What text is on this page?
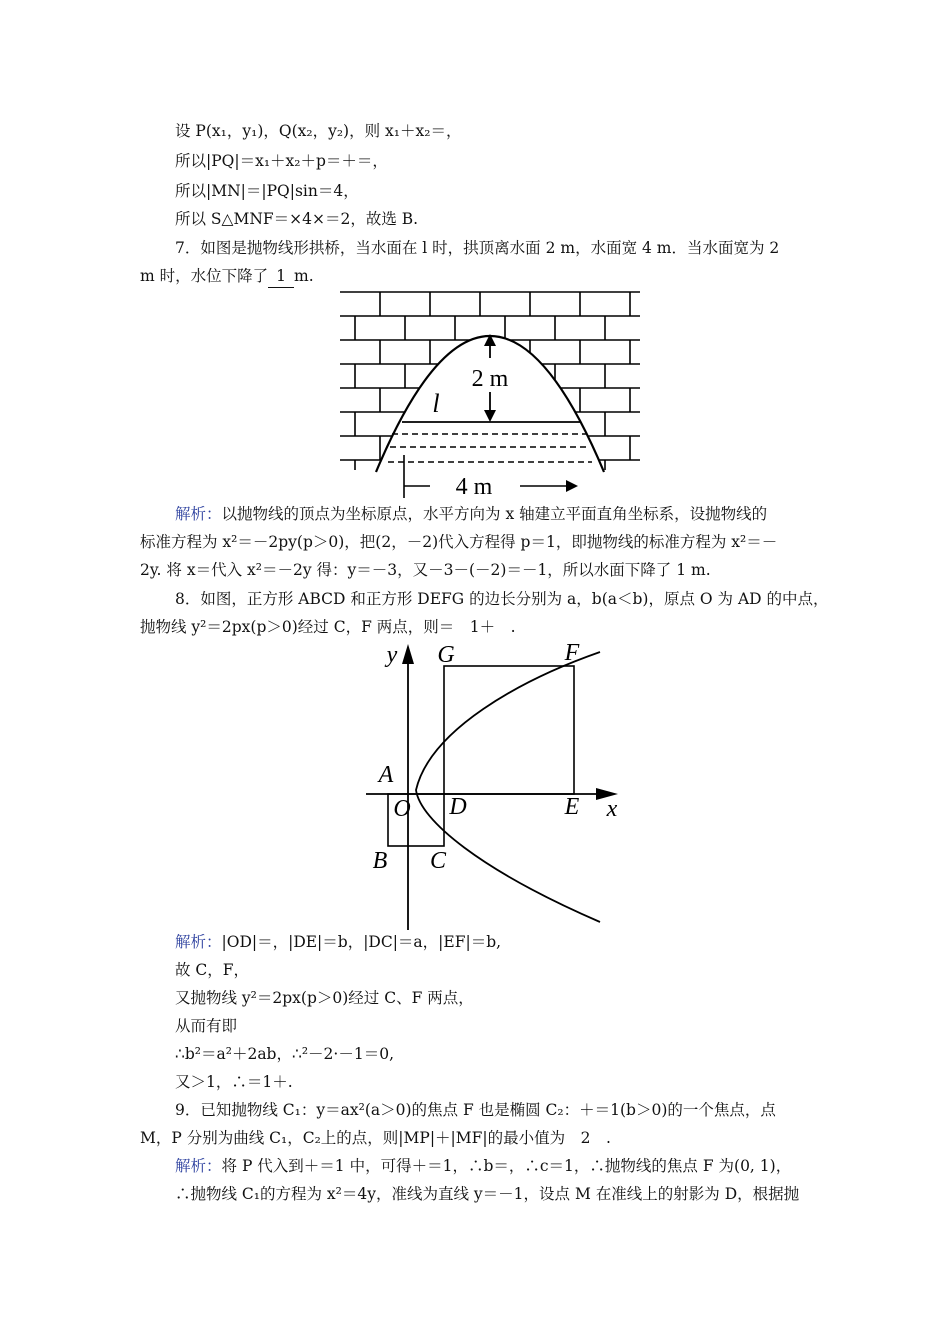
设 P(x₁，y₁)，Q(x₂，y₂)，则 x₁＋x₂＝，
所以|PQ|＝x₁＋x₂＋p＝＋＝，
所以|MN|＝|PQ|sin＝4，
所以 S△MNF＝×4×＝2，故选 B.
7．如图是抛物线形拱桥，当水面在 l 时，拱顶离水面 2 m，水面宽 4 m．当水面宽为 2
m 时，水位下降了 1 m.
2 m
l
4 m
解析：以抛物线的顶点为坐标原点，水平方向为 x 轴建立平面直角坐标系，设抛物线的
标准方程为 x²＝－2py(p＞0)，把(2，－2)代入方程得 p＝1，即抛物线的标准方程为 x²＝－
2y. 将 x＝代入 x²＝－2y 得：y＝－3，又－3－(－2)＝－1，所以水面下降了 1 m.
8．如图，正方形 ABCD 和正方形 DEFG 的边长分别为 a，b(a＜b)，原点 O 为 AD 的中点，
抛物线 y²＝2px(p＞0)经过 C，F 两点，则＝　1＋　.
y
x
G	F
A
O D	E
B C
解析：|OD|＝，|DE|＝b，|DC|＝a，|EF|＝b,
故 C，F，
又抛物线 y²＝2px(p＞0)经过 C、F 两点，
从而有即
∴b²＝a²＋2ab，∴²－2·－1＝0,
又＞1，∴＝1＋.
9．已知抛物线 C₁：y＝ax²(a＞0)的焦点 F 也是椭圆 C₂：＋＝1(b＞0)的一个焦点，点
M，P 分别为曲线 C₁，C₂上的点，则|MP|＋|MF|的最小值为　2　.
解析：将 P 代入到＋＝1 中，可得＋＝1，∴b＝，∴c＝1，∴抛物线的焦点 F 为(0, 1)，
∴抛物线 C₁的方程为 x²＝4y，准线为直线 y＝－1，设点 M 在准线上的射影为 D，根据抛
